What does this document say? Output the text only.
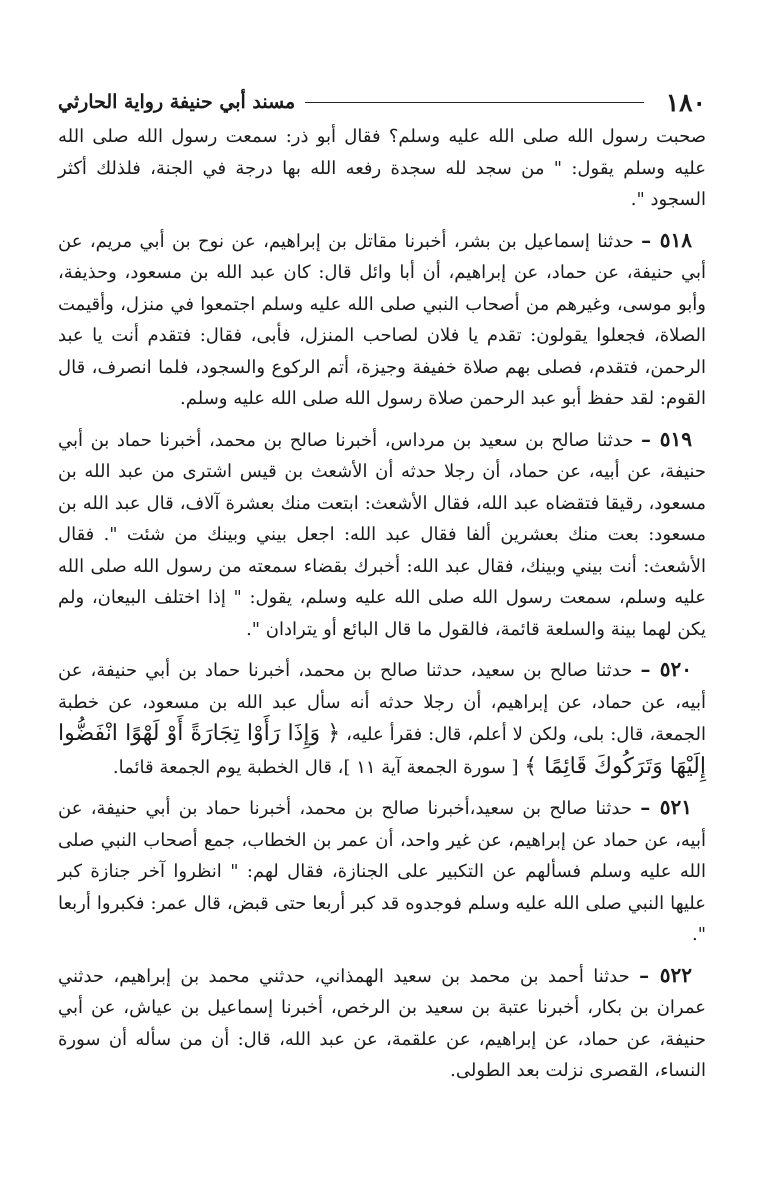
١٨٠
مسند أبي حنيفة رواية الحارثي

صحبت رسول الله صلى الله عليه وسلم؟ فقال أبو ذر: سمعت رسول الله صلى الله عليه وسلم يقول: " من سجد لله سجدة رفعه الله بها درجة في الجنة، فلذلك أكثر السجود ".

٥١٨ – حدثنا إسماعيل بن بشر، أخبرنا مقاتل بن إبراهيم، عن نوح بن أبي مريم، عن أبي حنيفة، عن حماد، عن إبراهيم، أن أبا وائل قال: كان عبد الله بن مسعود، وحذيفة، وأبو موسى، وغيرهم من أصحاب النبي صلى الله عليه وسلم اجتمعوا في منزل، وأقيمت الصلاة، فجعلوا يقولون: تقدم يا فلان لصاحب المنزل، فأبى، فقال: فتقدم أنت يا عبد الرحمن، فتقدم، فصلى بهم صلاة خفيفة وجيزة، أتم الركوع والسجود، فلما انصرف، قال القوم: لقد حفظ أبو عبد الرحمن صلاة رسول الله صلى الله عليه وسلم.

٥١٩ – حدثنا صالح بن سعيد بن مرداس، أخبرنا صالح بن محمد، أخبرنا حماد بن أبي حنيفة، عن أبيه، عن حماد، أن رجلا حدثه أن الأشعث بن قيس اشترى من عبد الله بن مسعود، رقيقا فتقضاه عبد الله، فقال الأشعث: ابتعت منك بعشرة آلاف، قال عبد الله بن مسعود: بعت منك بعشرين ألفا فقال عبد الله: اجعل بيني وبينك من شئت ". فقال الأشعث: أنت بيني وبينك، فقال عبد الله: أخبرك بقضاء سمعته من رسول الله صلى الله عليه وسلم، سمعت رسول الله صلى الله عليه وسلم، يقول: " إذا اختلف البيعان، ولم يكن لهما بينة والسلعة قائمة، فالقول ما قال البائع أو يترادان ".

٥٢٠ – حدثنا صالح بن سعيد، حدثنا صالح بن محمد، أخبرنا حماد بن أبي حنيفة، عن أبيه، عن حماد، عن إبراهيم، أن رجلا حدثه أنه سأل عبد الله بن مسعود، عن خطبة الجمعة، قال: بلى، ولكن لا أعلم، قال: فقرأ عليه، ﴿ وَإِذَا رَأَوْا تِجَارَةً أَوْ لَهْوًا انْفَضُّوا إِلَيْهَا وَتَرَكُوكَ قَائِمًا ﴾ [ سورة الجمعة آية ١١ ]، قال الخطبة يوم الجمعة قائما.

٥٢١ – حدثنا صالح بن سعيد،أخبرنا صالح بن محمد، أخبرنا حماد بن أبي حنيفة، عن أبيه، عن حماد عن إبراهيم، عن غير واحد، أن عمر بن الخطاب، جمع أصحاب النبي صلى الله عليه وسلم فسألهم عن التكبير على الجنازة، فقال لهم: " انظروا آخر جنازة كبر عليها النبي صلى الله عليه وسلم فوجدوه قد كبر أربعا حتى قبض، قال عمر: فكبروا أربعا ".

٥٢٢ – حدثنا أحمد بن محمد بن سعيد الهمذاني، حدثني محمد بن إبراهيم، حدثني عمران بن بكار، أخبرنا عتبة بن سعيد بن الرخص، أخبرنا إسماعيل بن عياش، عن أبي حنيفة، عن حماد، عن إبراهيم، عن علقمة، عن عبد الله، قال: أن من سأله أن سورة النساء، القصرى نزلت بعد الطولى.
